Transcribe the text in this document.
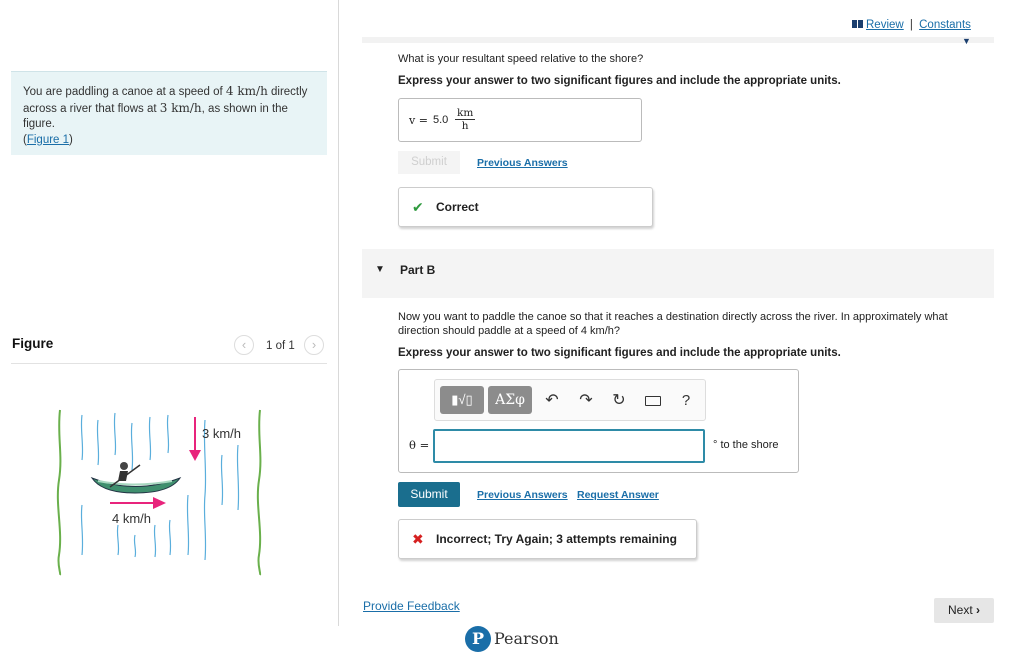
You are paddling a canoe at a speed of 4 km/h directly across a river that flows at 3 km/h, as shown in the figure.
(Figure 1)
Figure	‹	1 of 1	›
3 km/h
4 km/h
Review | Constants
▼
What is your resultant speed relative to the shore?
Express your answer to two significant figures and include the appropriate units.
$v = 5.0 \frac{km}{h}$
Submit	Previous Answers
✔ Correct
▼ Part B
Now you want to paddle the canoe so that it reaches a destination directly across the river. In approximately what direction should paddle at a speed of 4 km/h?
Express your answer to two significant figures and include the appropriate units.
▮√▯	ΑΣφ	↶	↷	↻	?
θ =	° to the shore
Submit	Previous Answers Request Answer
✖ Incorrect; Try Again; 3 attempts remaining
Provide Feedback	Next ›
P Pearson
